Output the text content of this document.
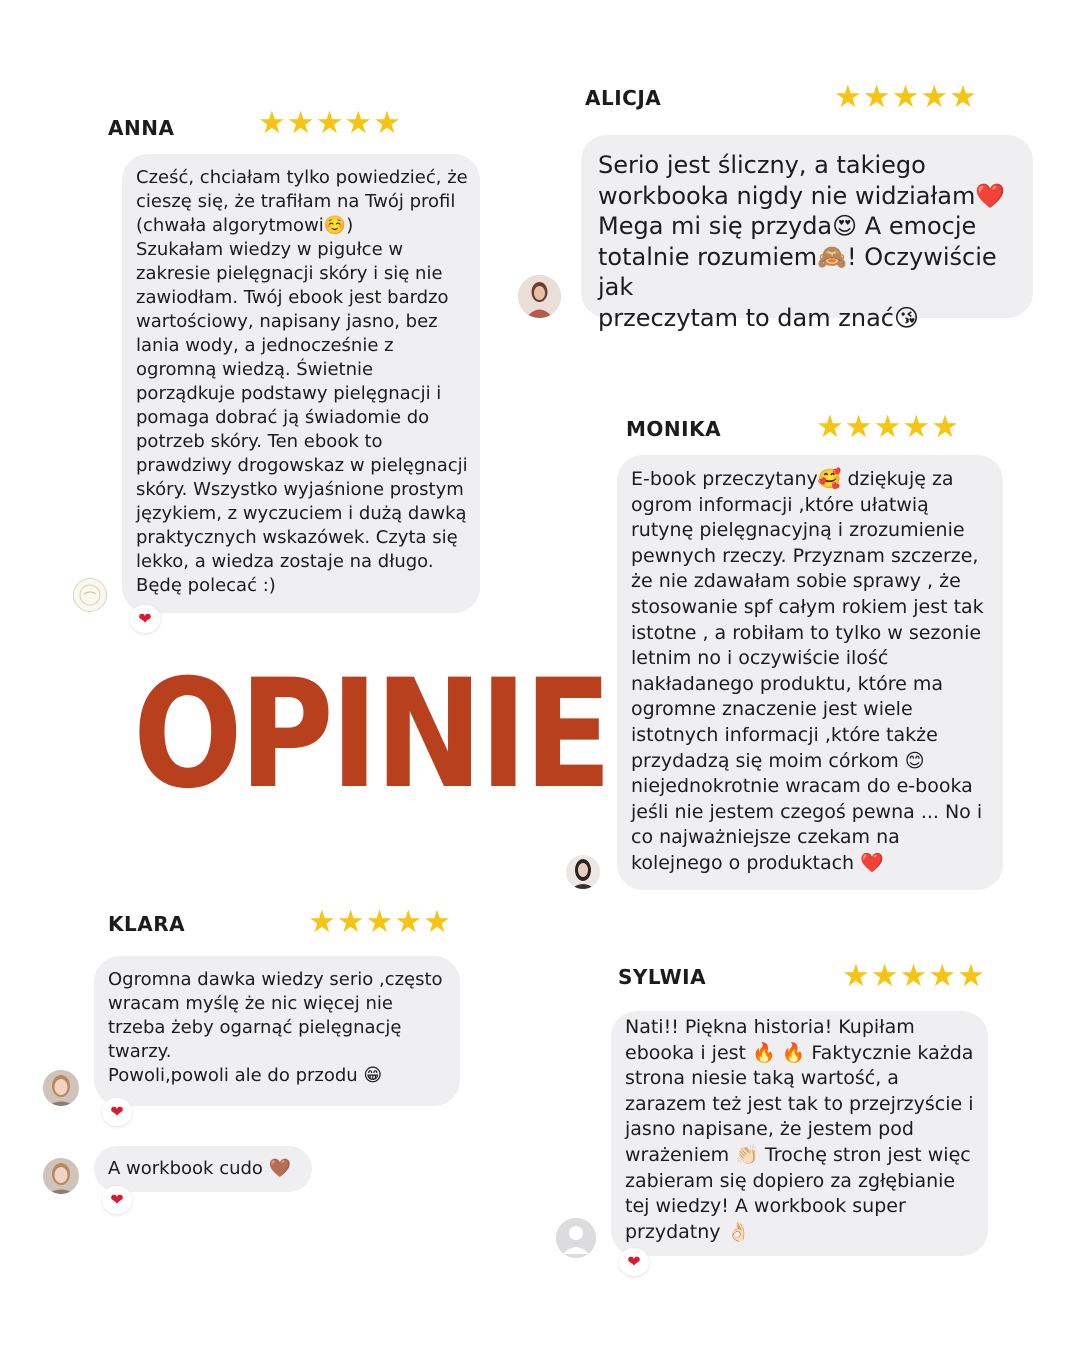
ANNA	★★★★★
Cześć, chciałam tylko powiedzieć, że
cieszę się, że trafiłam na Twój profil
(chwała algorytmowi☺️)
Szukałam wiedzy w pigułce w
zakresie pielęgnacji skóry i się nie
zawiodłam. Twój ebook jest bardzo
wartościowy, napisany jasno, bez
lania wody, a jednocześnie z
ogromną wiedzą. Świetnie
porządkuje podstawy pielęgnacji i
pomaga dobrać ją świadomie do
potrzeb skóry. Ten ebook to
prawdziwy drogowskaz w pielęgnacji
skóry. Wszystko wyjaśnione prostym
językiem, z wyczuciem i dużą dawką
praktycznych wskazówek. Czyta się
lekko, a wiedza zostaje na długo.
Będę polecać :)
❤
ALICJA	★★★★★
Serio jest śliczny, a takiego
workbooka nigdy nie widziałam❤️
Mega mi się przyda😍 A emocje
totalnie rozumiem🙈! Oczywiście jak
przeczytam to dam znać😘
MONIKA	★★★★★
E-book przeczytany🥰 dziękuję za
ogrom informacji ,które ułatwią
rutynę pielęgnacyjną i zrozumienie
pewnych rzeczy. Przyznam szczerze,
że nie zdawałam sobie sprawy , że
stosowanie spf całym rokiem jest tak
istotne , a robiłam to tylko w sezonie
letnim no i oczywiście ilość
nakładanego produktu, które ma
ogromne znaczenie jest wiele
istotnych informacji ,które także
przydadzą się moim córkom 😊
niejednokrotnie wracam do e-booka
jeśli nie jestem czegoś pewna ... No i
co najważniejsze czekam na
kolejnego o produktach ❤️
OPINIE
KLARA	★★★★★
Ogromna dawka wiedzy serio ,często
wracam myślę że nic więcej nie
trzeba żeby ogarnąć pielęgnację
twarzy.
Powoli,powoli ale do przodu 😁
❤
A workbook cudo 🤎
❤
SYLWIA	★★★★★
Nati!! Piękna historia! Kupiłam
ebooka i jest 🔥 🔥 Faktycznie każda
strona niesie taką wartość, a
zarazem też jest tak to przejrzyście i
jasno napisane, że jestem pod
wrażeniem 👏🏻 Trochę stron jest więc
zabieram się dopiero za zgłębianie
tej wiedzy! A workbook super
przydatny 👌🏻
❤
